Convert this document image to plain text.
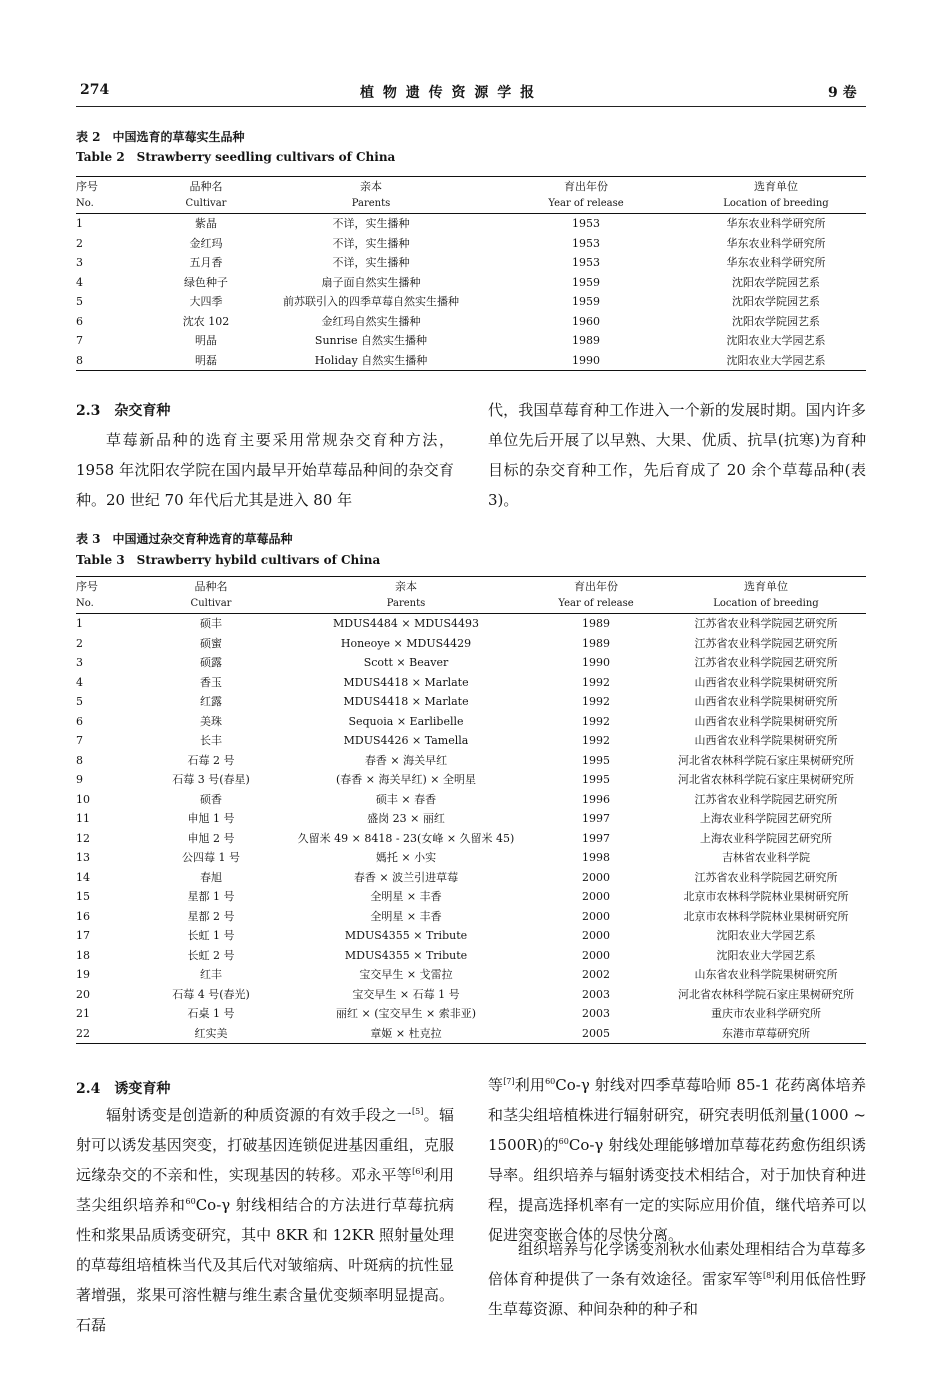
274	植 物 遗 传 资 源 学 报	9 卷
表 2　中国选育的草莓实生品种
Table 2　Strawberry seedling cultivars of China
序号	品种名	亲本	育出年份	选育单位
No.	Cultivar	Parents	Year of release	Location of breeding
1	紫晶	不详，实生播种	1953	华东农业科学研究所
2	金红玛	不详，实生播种	1953	华东农业科学研究所
3	五月香	不详，实生播种	1953	华东农业科学研究所
4	绿色种子	扇子面自然实生播种	1959	沈阳农学院园艺系
5	大四季	前苏联引入的四季草莓自然实生播种	1959	沈阳农学院园艺系
6	沈农 102	金红玛自然实生播种	1960	沈阳农学院园艺系
7	明晶	Sunrise 自然实生播种	1989	沈阳农业大学园艺系
8	明磊	Holiday 自然实生播种	1990	沈阳农业大学园艺系
2.3　杂交育种

草莓新品种的选育主要采用常规杂交育种方法，1958 年沈阳农学院在国内最早开始草莓品种间的杂交育种。20 世纪 70 年代后尤其是进入 80 年

代，我国草莓育种工作进入一个新的发展时期。国内许多单位先后开展了以早熟、大果、优质、抗旱(抗寒)为育种目标的杂交育种工作，先后育成了 20 余个草莓品种(表 3)。

表 3　中国通过杂交育种选育的草莓品种
Table 3　Strawberry hybild cultivars of China
序号	品种名	亲本	育出年份	选育单位
No.	Cultivar	Parents	Year of release	Location of breeding
1	硕丰	MDUS4484 × MDUS4493	1989	江苏省农业科学院园艺研究所
2	硕蜜	Honeoye × MDUS4429	1989	江苏省农业科学院园艺研究所
3	硕露	Scott × Beaver	1990	江苏省农业科学院园艺研究所
4	香玉	MDUS4418 × Marlate	1992	山西省农业科学院果树研究所
5	红露	MDUS4418 × Marlate	1992	山西省农业科学院果树研究所
6	美珠	Sequoia × Earlibelle	1992	山西省农业科学院果树研究所
7	长丰	MDUS4426 × Tamella	1992	山西省农业科学院果树研究所
8	石莓 2 号	春香 × 海关早红	1995	河北省农林科学院石家庄果树研究所
9	石莓 3 号(春星)	(春香 × 海关早红) × 全明星	1995	河北省农林科学院石家庄果树研究所
10	硕香	硕丰 × 春香	1996	江苏省农业科学院园艺研究所
11	申旭 1 号	盛岗 23 × 丽红	1997	上海农业科学院园艺研究所
12	申旭 2 号	久留米 49 × 8418 - 23(女峰 × 久留米 45)	1997	上海农业科学院园艺研究所
13	公四莓 1 号	媽托 × 小实	1998	吉林省农业科学院
14	春旭	春香 × 波兰引进草莓	2000	江苏省农业科学院园艺研究所
15	星都 1 号	全明星 × 丰香	2000	北京市农林科学院林业果树研究所
16	星都 2 号	全明星 × 丰香	2000	北京市农林科学院林业果树研究所
17	长虹 1 号	MDUS4355 × Tribute	2000	沈阳农业大学园艺系
18	长虹 2 号	MDUS4355 × Tribute	2000	沈阳农业大学园艺系
19	红丰	宝交早生 × 戈雷拉	2002	山东省农业科学院果树研究所
20	石莓 4 号(春光)	宝交早生 × 石莓 1 号	2003	河北省农林科学院石家庄果树研究所
21	石桌 1 号	丽红 × (宝交早生 × 索非亚)	2003	重庆市农业科学研究所
22	红实美	章姬 × 杜克拉	2005	东港市草莓研究所
2.4　诱变育种

辐射诱变是创造新的种质资源的有效手段之一[5]。辐射可以诱发基因突变，打破基因连锁促进基因重组，克服远缘杂交的不亲和性，实现基因的转移。邓永平等[6]利用茎尖组织培养和$^{60}$Co-γ 射线相结合的方法进行草莓抗病性和浆果品质诱变研究，其中 8KR 和 12KR 照射量处理的草莓组培植株当代及其后代对皱缩病、叶斑病的抗性显著增强，浆果可溶性糖与维生素含量优变频率明显提高。石磊

等[7]利用$^{60}$Co-γ 射线对四季草莓哈师 85-1 花药离体培养和茎尖组培植株进行辐射研究，研究表明低剂量(1000 ~ 1500R)的$^{60}$Co-γ 射线处理能够增加草莓花药愈伤组织诱导率。组织培养与辐射诱变技术相结合，对于加快育种进程，提高选择机率有一定的实际应用价值，继代培养可以促进突变嵌合体的尽快分离。

组织培养与化学诱变剂秋水仙素处理相结合为草莓多倍体育种提供了一条有效途径。雷家军等[8]利用低倍性野生草莓资源、种间杂种的种子和
